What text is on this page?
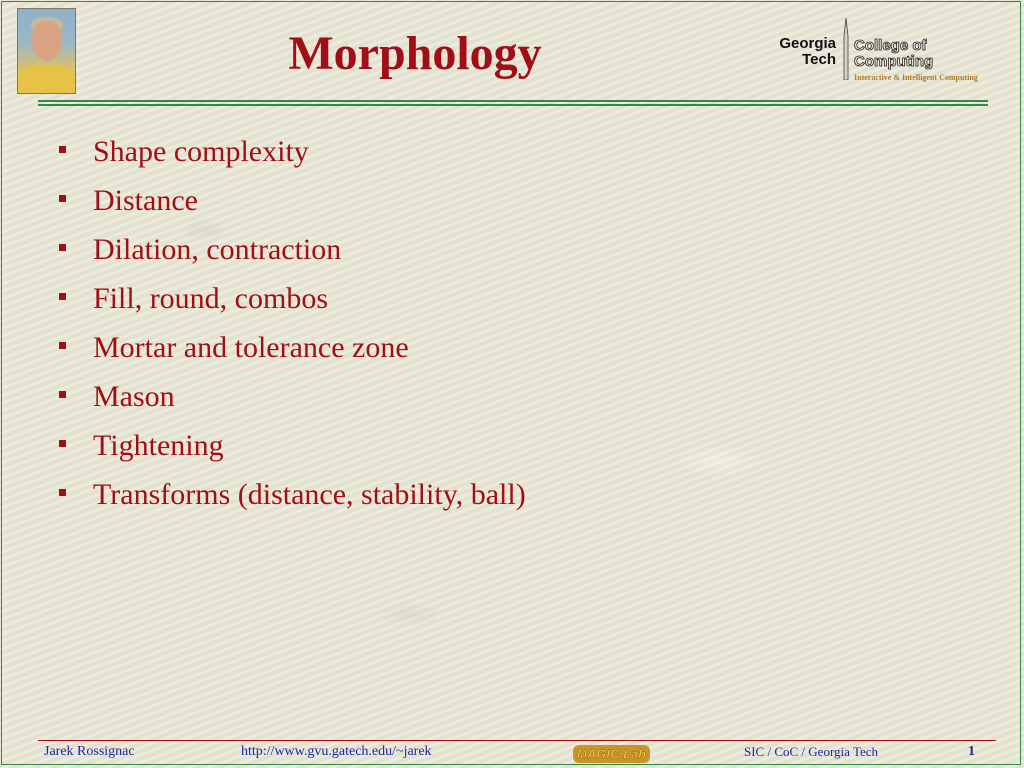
Morphology	Georgia
Tech
College of
Computing
Interactive & Intelligent Computing
Shape complexity
Distance
Dilation, contraction
Fill, round, combos
Mortar and tolerance zone
Mason
Tightening
Transforms (distance, stability, ball)
Jarek Rossignac	http://www.gvu.gatech.edu/~jarek	MAGIC Lab	SIC / CoC / Georgia Tech	1
